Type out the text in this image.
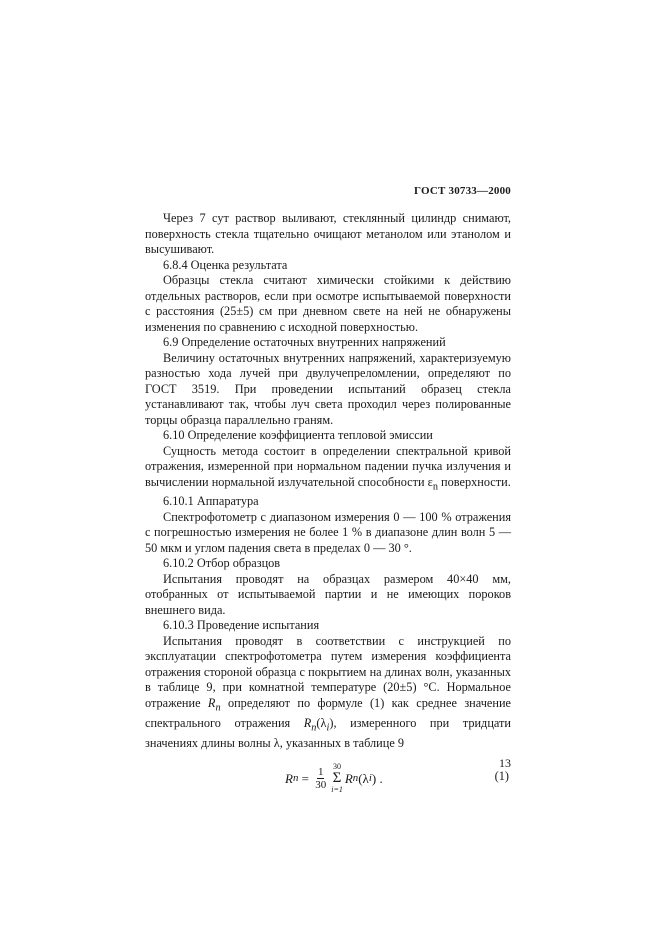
ГОСТ 30733—2000

Через 7 сут раствор выливают, стеклянный цилиндр снимают, поверхность стекла тщательно очищают метанолом или этанолом и высушивают.

6.8.4 Оценка результата

Образцы стекла считают химически стойкими к действию отдельных растворов, если при осмотре испытываемой поверхности с расстояния (25±5) см при дневном свете на ней не обнаружены изменения по сравнению с исходной поверхностью.

6.9 Определение остаточных внутренних напряжений

Величину остаточных внутренних напряжений, характеризуемую разностью хода лучей при двулучепреломлении, определяют по ГОСТ 3519. При проведении испытаний образец стекла устанавливают так, чтобы луч света проходил через полированные торцы образца параллельно граням.

6.10 Определение коэффициента тепловой эмиссии

Сущность метода состоит в определении спектральной кривой отражения, измеренной при нормальном падении пучка излучения и вычислении нормальной излучательной способности $\varepsilon_n$ поверхности.

6.10.1 Аппаратура

Спектрофотометр с диапазоном измерения 0 — 100 % отражения с погрешностью измерения не более 1 % в диапазоне длин волн 5 — 50 мкм и углом падения света в пределах 0 — 30 °.

6.10.2 Отбор образцов

Испытания проводят на образцах размером 40×40 мм, отобранных от испытываемой партии и не имеющих пороков внешнего вида.

6.10.3 Проведение испытания

Испытания проводят в соответствии с инструкцией по эксплуатации спектрофотометра путем измерения коэффициента отражения стороной образца с покрытием на длинах волн, указанных в таблице 9, при комнатной температуре (20±5) °С. Нормальное отражение $R_n$ определяют по формуле (1) как среднее значение спектрального отражения $R_n(\lambda_i)$, измеренного при тридцати значениях длины волны λ, указанных в таблице 9

R $n = \frac{1}{30} 30$
Σ
i=1
R n (λ i ) .	(1)
13
